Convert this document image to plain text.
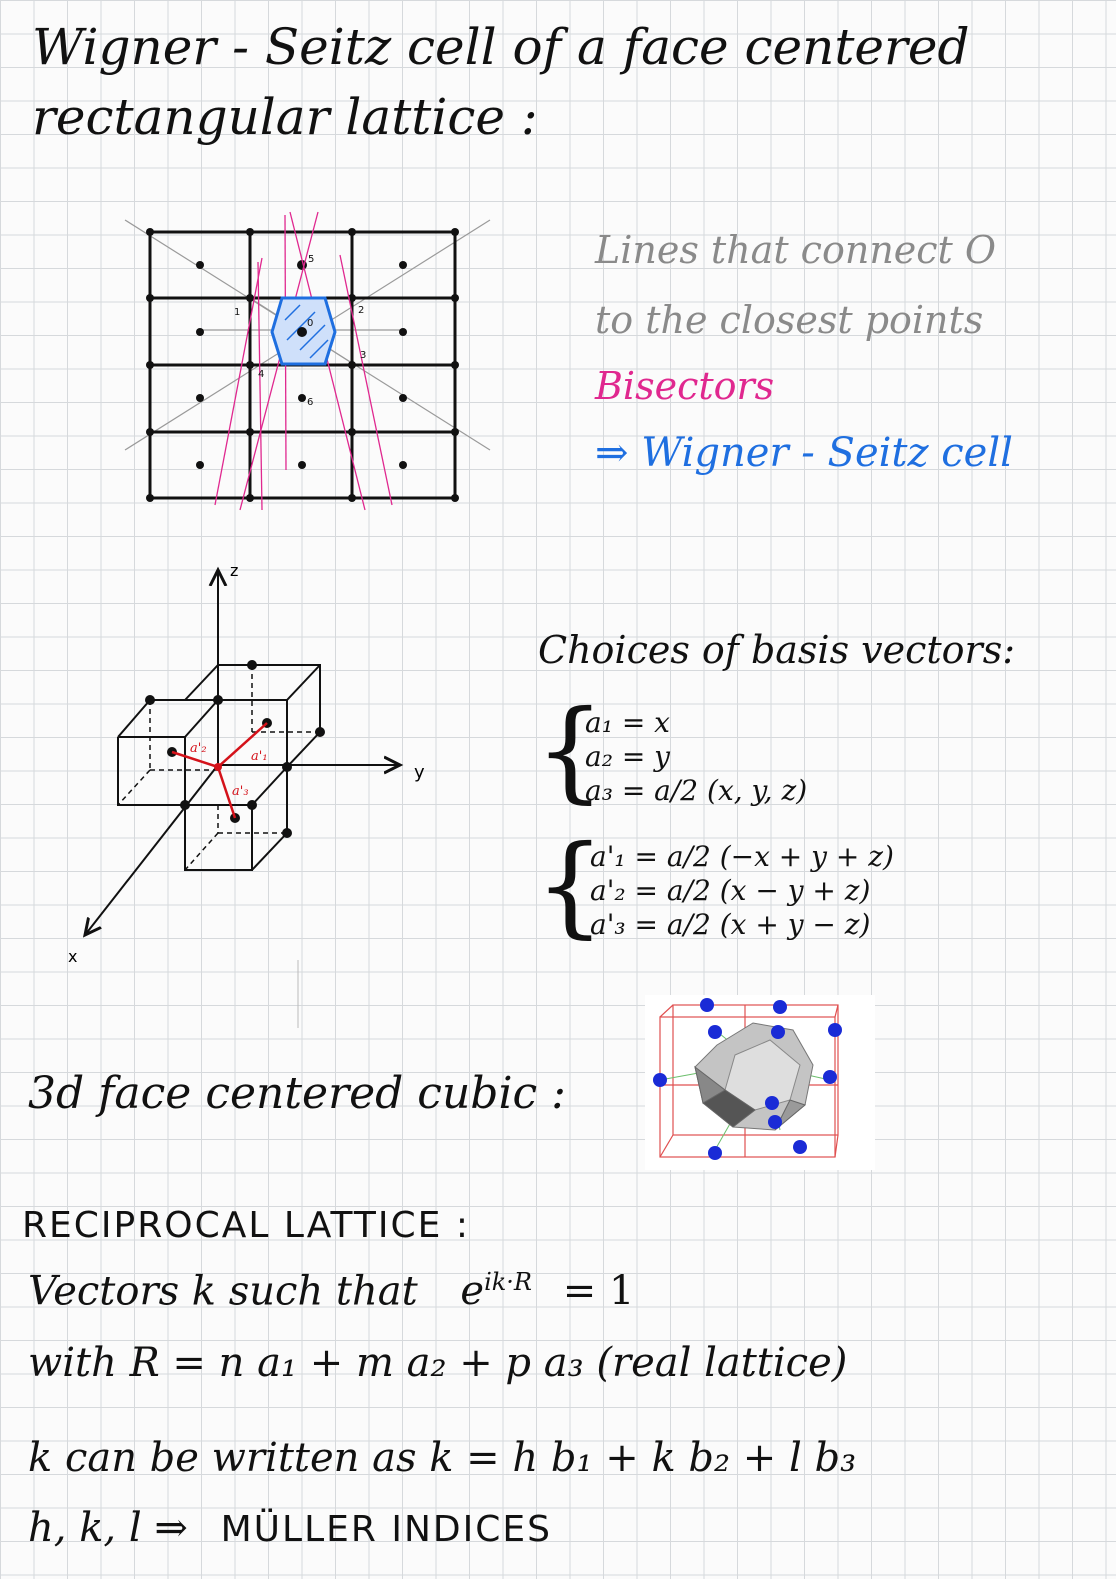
Wigner - Seitz cell of a face centered
rectangular lattice :
5
1
0
2
3
4
6
Lines that connect O
to the closest points
Bisectors
⇒ Wigner - Seitz cell
z
y
x
a'₂
a'₁
a'₃
Choices of basis vectors:
{
a₁ = x
a₂ = y
a₃ = a/2 (x, y, z)
{
a'₁ = a/2 (−x + y + z)
a'₂ = a/2 (x − y + z)
a'₃ = a/2 (x + y − z)
3d face centered cubic :
RECIPROCAL LATTICE :
Vectors k such that $e^{ik\cdot R} = 1$
with R = n a₁ + m a₂ + p a₃ (real lattice)
k can be written as k = h b₁ + k b₂ + l b₃
h, k, l ⇒ MÜLLER INDICES
